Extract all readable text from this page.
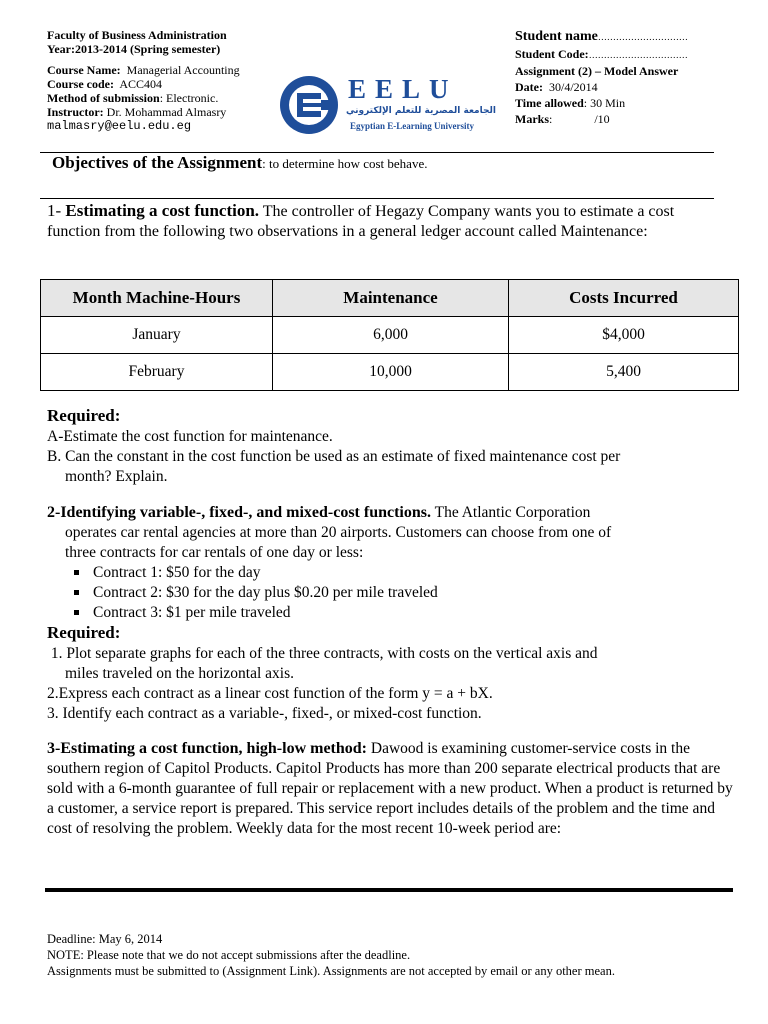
Faculty of Business Administration
Year:2013-2014 (Spring semester)
Course Name: Managerial Accounting
Course code: ACC404
Method of submission: Electronic.
Instructor: Dr. Mohammad Almasry
malmasry@eelu.edu.eg
EELU
الجامعة المصرية للتعلم الإلكتروني
Egyptian E-Learning University
Student name…………………………
Student Code:……………………………
Assignment (2) – Model Answer
Date: 30/4/2014
Time allowed: 30 Min
Marks:              /10
Objectives of the Assignment: to determine how cost behave.
1- Estimating a cost function. The controller of Hegazy Company wants you to estimate a cost function from the following two observations in a general ledger account called Maintenance:
Month Machine-Hours	Maintenance	Costs Incurred
January	6,000	$4,000
February	10,000	5,400
Required:
A-Estimate the cost function for maintenance.
B. Can the constant in the cost function be used as an estimate of fixed maintenance cost per
month? Explain.
2-Identifying variable-, fixed-, and mixed-cost functions. The Atlantic Corporation
operates car rental agencies at more than 20 airports. Customers can choose from one of
three contracts for car rentals of one day or less:
Contract 1: $50 for the day
Contract 2: $30 for the day plus $0.20 per mile traveled
Contract 3: $1 per mile traveled
Required:
1. Plot separate graphs for each of the three contracts, with costs on the vertical axis and
miles traveled on the horizontal axis.
2.Express each contract as a linear cost function of the form y = a + bX.
3. Identify each contract as a variable-, fixed-, or mixed-cost function.
3-Estimating a cost function, high-low method: Dawood is examining customer-service costs in the southern region of Capitol Products. Capitol Products has more than 200 separate electrical products that are sold with a 6-month guarantee of full repair or replacement with a new product. When a product is returned by a customer, a service report is prepared. This service report includes details of the problem and the time and cost of resolving the problem. Weekly data for the most recent 10-week period are:
Deadline: May 6, 2014
NOTE: Please note that we do not accept submissions after the deadline.
Assignments must be submitted to (Assignment Link). Assignments are not accepted by email or any other mean.
